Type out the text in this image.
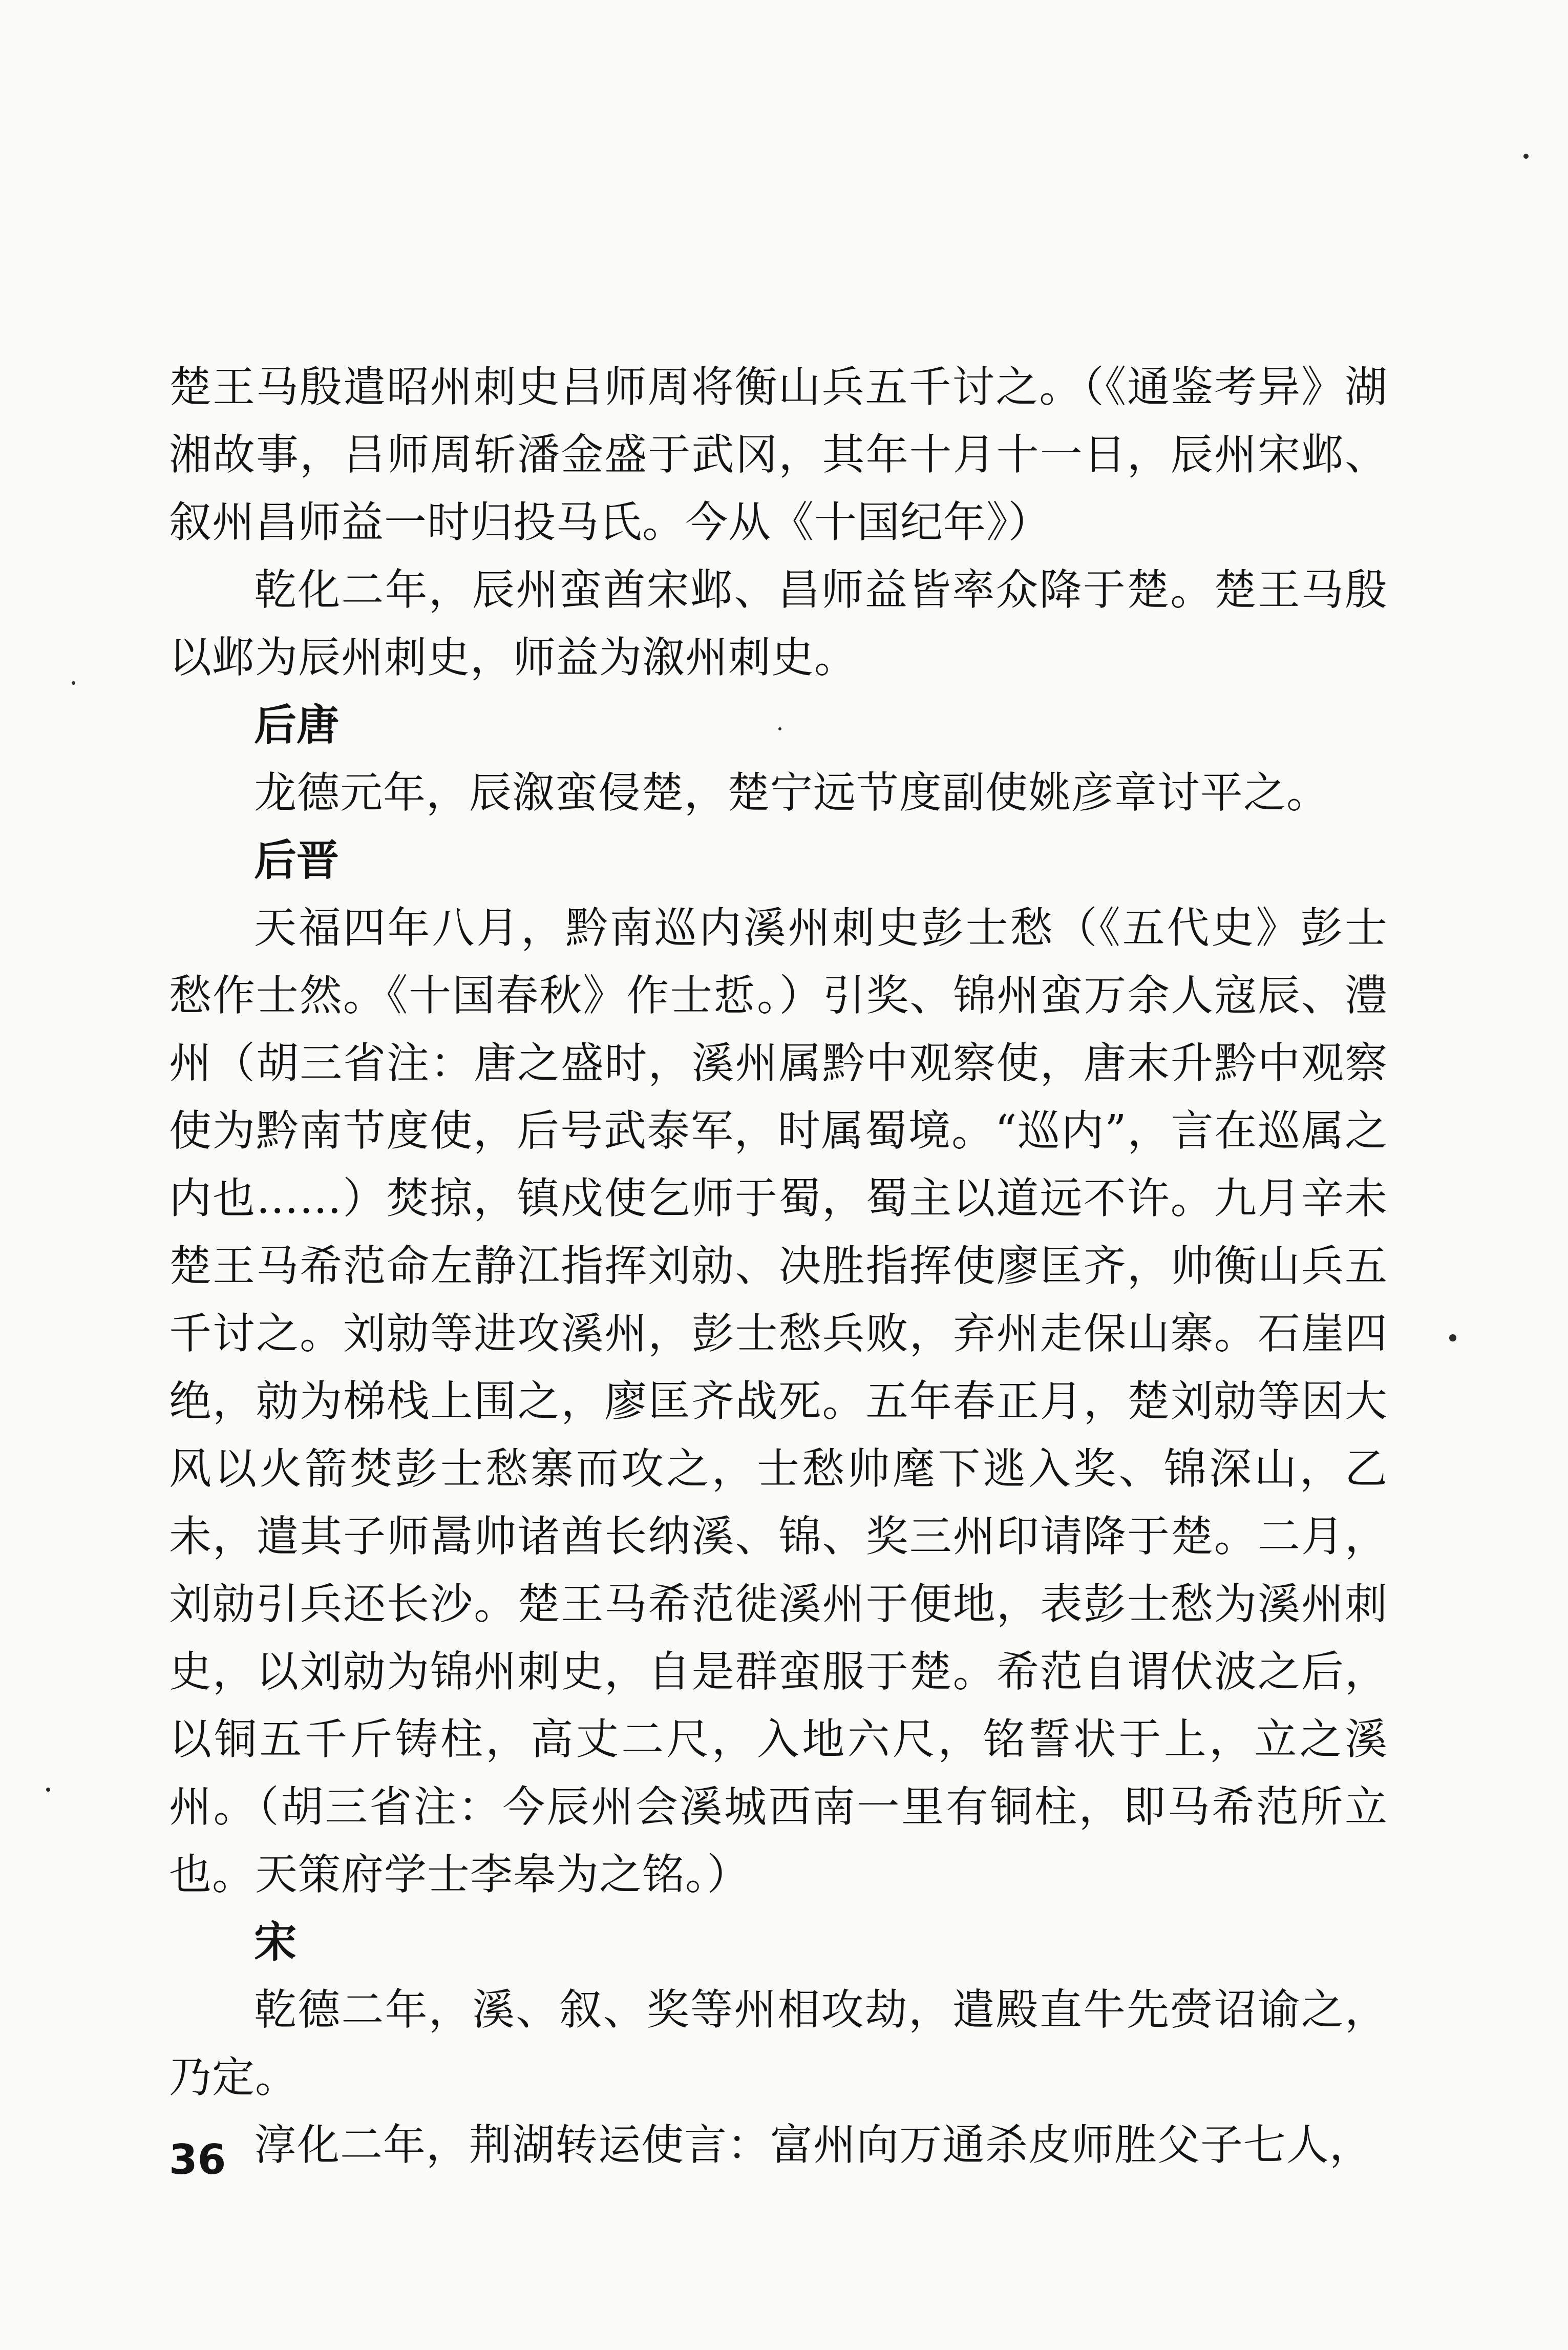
楚王马殷遣昭州刺史吕师周将衡山兵五千讨之。（《通鉴考异》湖湘故事，吕师周斩潘金盛于武冈，其年十月十一日，辰州宋邺、叙州昌师益一时归投马氏。今从《十国纪年》）

乾化二年，辰州蛮酋宋邺、昌师益皆率众降于楚。楚王马殷以邺为辰州刺史，师益为溆州刺史。

后唐

龙德元年，辰溆蛮侵楚，楚宁远节度副使姚彦章讨平之。

后晋

天福四年八月，黔南巡内溪州刺史彭士愁（《五代史》彭士愁作士然。《十国春秋》作士悊。）引奖、锦州蛮万余人寇辰、澧州（胡三省注：唐之盛时，溪州属黔中观察使，唐末升黔中观察使为黔南节度使，后号武泰军，时属蜀境。“巡内”，言在巡属之内也……）焚掠，镇戍使乞师于蜀，蜀主以道远不许。九月辛未楚王马希范命左静江指挥刘勍、决胜指挥使廖匡齐，帅衡山兵五千讨之。刘勍等进攻溪州，彭士愁兵败，弃州走保山寨。石崖四绝，勍为梯栈上围之，廖匡齐战死。五年春正月，楚刘勍等因大风以火箭焚彭士愁寨而攻之，士愁帅麾下逃入奖、锦深山，乙未，遣其子师暠帅诸酋长纳溪、锦、奖三州印请降于楚。二月，刘勍引兵还长沙。楚王马希范徙溪州于便地，表彭士愁为溪州刺史，以刘勍为锦州刺史，自是群蛮服于楚。希范自谓伏波之后，以铜五千斤铸柱，高丈二尺，入地六尺，铭誓状于上，立之溪州。（胡三省注：今辰州会溪城西南一里有铜柱，即马希范所立也。天策府学士李皋为之铭。）

宋

乾德二年，溪、叙、奖等州相攻劫，遣殿直牛先赍诏谕之，乃定。

淳化二年，荆湖转运使言：富州向万通杀皮师胜父子七人，

36
